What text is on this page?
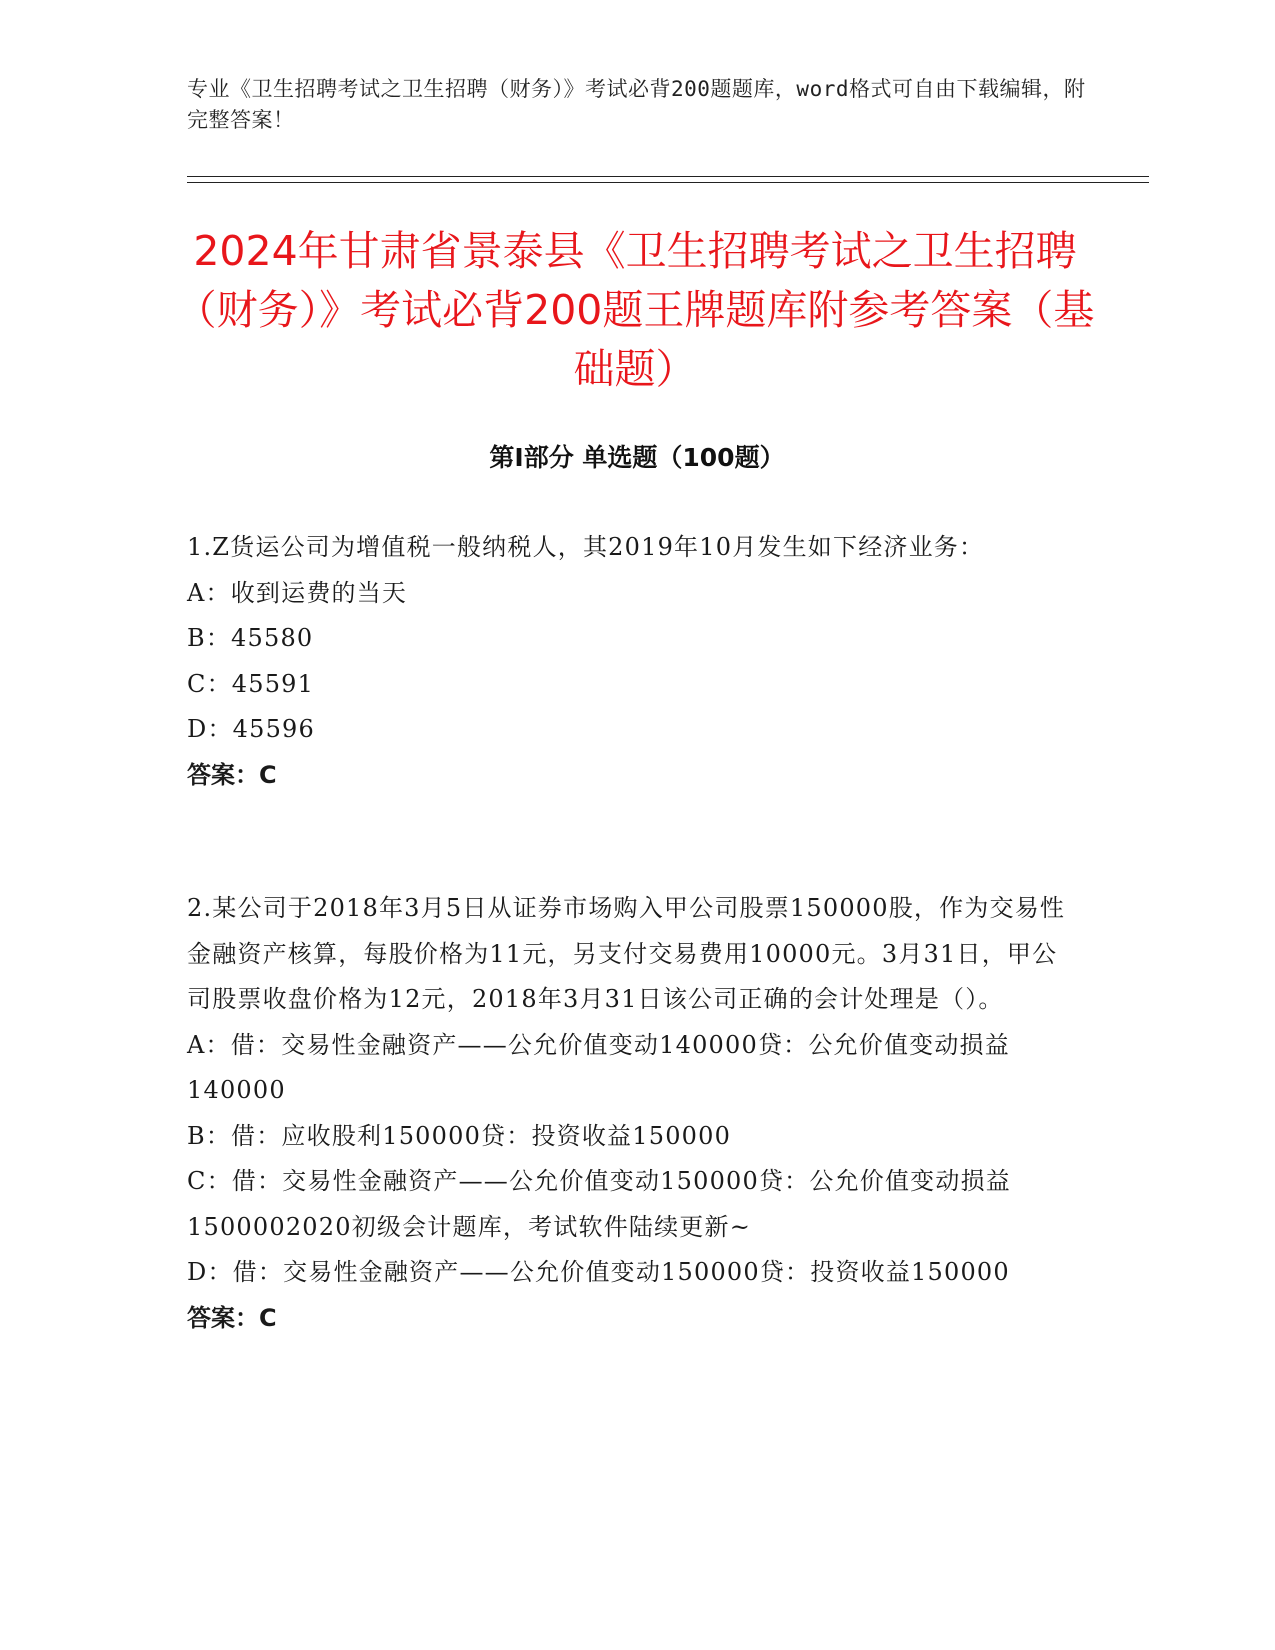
专业《卫生招聘考试之卫生招聘（财务）》考试必背200题题库，word格式可自由下载编辑，附完整答案！
2024年甘肃省景泰县《卫生招聘考试之卫生招聘（财务）》考试必背200题王牌题库附参考答案（基础题）
第I部分 单选题（100题）
1.Z货运公司为增值税一般纳税人，其2019年10月发生如下经济业务：
A：收到运费的当天
B：45580
C：45591
D：45596
答案：C
2.某公司于2018年3月5日从证券市场购入甲公司股票150000股，作为交易性金融资产核算，每股价格为11元，另支付交易费用10000元。3月31日，甲公司股票收盘价格为12元，2018年3月31日该公司正确的会计处理是（）。
A：借：交易性金融资产——公允价值变动140000贷：公允价值变动损益140000
B：借：应收股利150000贷：投资收益150000
C：借：交易性金融资产——公允价值变动150000贷：公允价值变动损益1500002020初级会计题库，考试软件陆续更新~
D：借：交易性金融资产——公允价值变动150000贷：投资收益150000
答案：C
